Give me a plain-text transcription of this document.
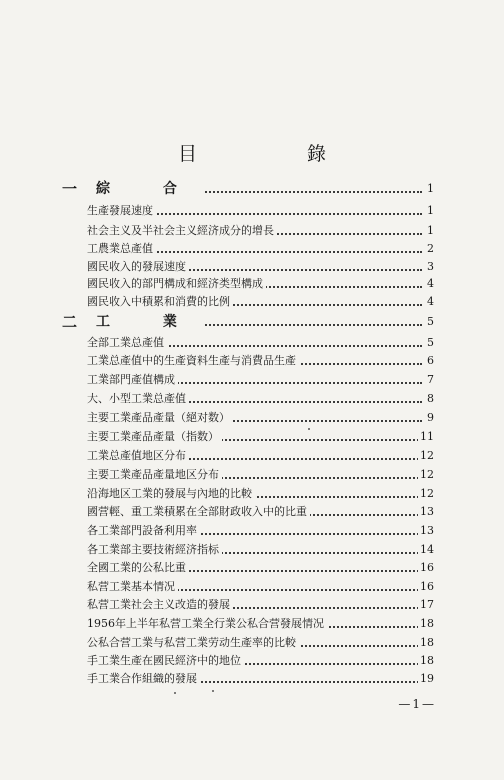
目 錄
一 綜 合	1
生產發展速度	1
社会主义及半社会主义經济成分的增長	1
工農業总產值	2
國民收入的發展速度	3
國民收入的部門構成和經济类型構成	4
國民收入中積累和消費的比例	4
二 工 業	5
全部工業总產值	5
工業总產值中的生產資料生產与消費品生產	6
工業部門產值構成	7
大、小型工業总產值	8
主要工業產品產量（絕对数）	9
主要工業產品產量（指数）	11
工業总產值地区分布	12
主要工業產品產量地区分布	12
沿海地区工業的發展与內地的比較	12
國营輕、重工業積累在全部財政收入中的比重	13
各工業部門設备利用率	13
各工業部主要技術經济指标	14
全國工業的公私比重	16
私营工業基本情况	16
私营工業社会主义改造的發展	17
1956年上半年私营工業全行業公私合营發展情况	18
公私合营工業与私营工業劳动生產率的比較	18
手工業生產在國民經济中的地位	18
手工業合作組織的發展	19
—1—
